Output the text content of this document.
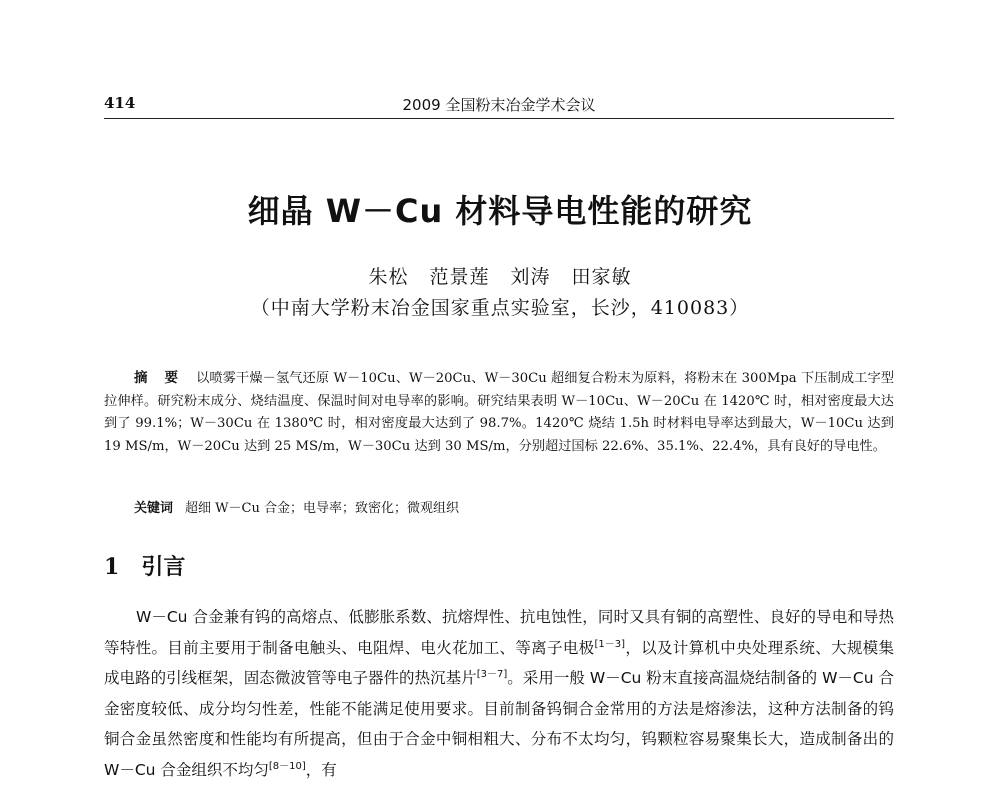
414	2009 全国粉末冶金学术会议
细晶 W－Cu 材料导电性能的研究
朱松 范景莲 刘涛 田家敏
（中南大学粉末冶金国家重点实验室，长沙，410083）
摘 要 以喷雾干燥－氢气还原 W－10Cu、W－20Cu、W－30Cu 超细复合粉末为原料，将粉末在 300Mpa 下压制成工字型拉伸样。研究粉末成分、烧结温度、保温时间对电导率的影响。研究结果表明 W－10Cu、W－20Cu 在 1420℃ 时，相对密度最大达到了 99.1%；W－30Cu 在 1380℃ 时，相对密度最大达到了 98.7%。1420℃ 烧结 1.5h 时材料电导率达到最大，W－10Cu 达到 19 MS/m，W－20Cu 达到 25 MS/m，W－30Cu 达到 30 MS/m，分别超过国标 22.6%、35.1%、22.4%，具有良好的导电性。
关键词 超细 W－Cu 合金；电导率；致密化；微观组织
1 引言
W－Cu 合金兼有钨的高熔点、低膨胀系数、抗熔焊性、抗电蚀性，同时又具有铜的高塑性、良好的导电和导热等特性。目前主要用于制备电触头、电阻焊、电火花加工、等离子电极[1－3]，以及计算机中央处理系统、大规模集成电路的引线框架，固态微波管等电子器件的热沉基片[3－7]。采用一般 W－Cu 粉末直接高温烧结制备的 W－Cu 合金密度较低、成分均匀性差，性能不能满足使用要求。目前制备钨铜合金常用的方法是熔渗法，这种方法制备的钨铜合金虽然密度和性能均有所提高，但由于合金中铜相粗大、分布不太均匀，钨颗粒容易聚集长大，造成制备出的 W－Cu 合金组织不均匀[8－10]，有
